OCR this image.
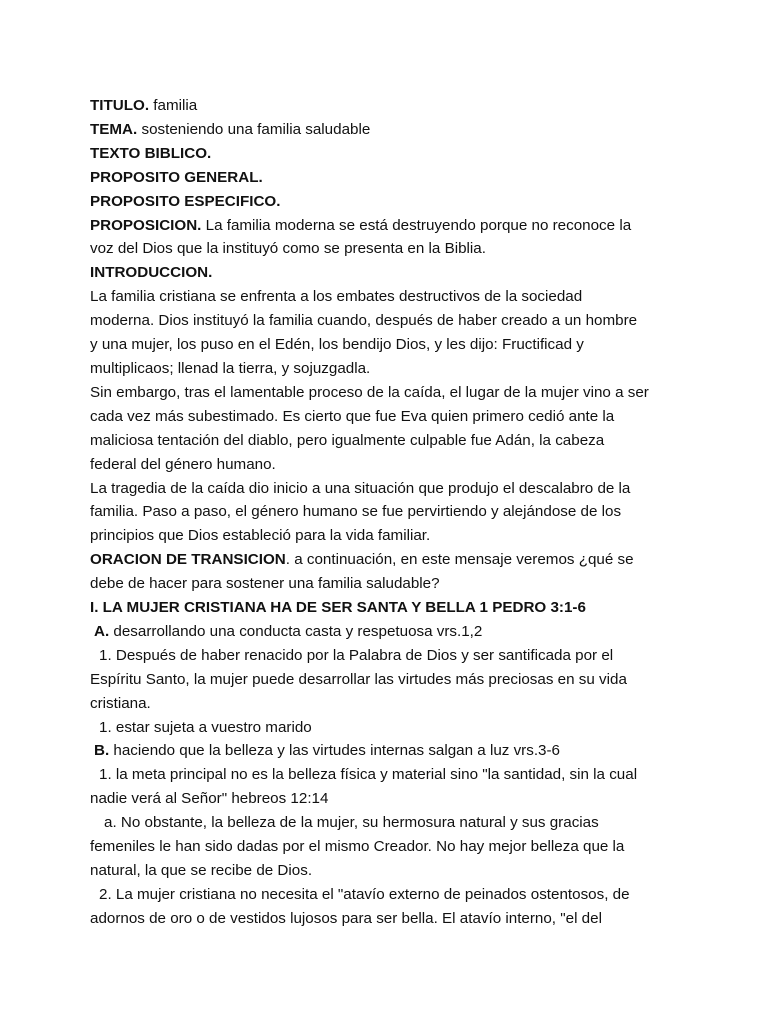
TITULO. familia
TEMA. sosteniendo una familia saludable
TEXTO BIBLICO.
PROPOSITO GENERAL.
PROPOSITO ESPECIFICO.
PROPOSICION. La familia moderna se está destruyendo porque no reconoce la
voz del Dios que la instituyó como se presenta en la Biblia.
INTRODUCCION.
La familia cristiana se enfrenta a los embates destructivos de la sociedad
moderna. Dios instituyó la familia cuando, después de haber creado a un hombre
y una mujer, los puso en el Edén, los bendijo Dios, y les dijo: Fructificad y
multiplicaos; llenad la tierra, y sojuzgadla.
Sin embargo, tras el lamentable proceso de la caída, el lugar de la mujer vino a ser
cada vez más subestimado. Es cierto que fue Eva quien primero cedió ante la
maliciosa tentación del diablo, pero igualmente culpable fue Adán, la cabeza
federal del género humano.
La tragedia de la caída dio inicio a una situación que produjo el descalabro de la
familia. Paso a paso, el género humano se fue pervirtiendo y alejándose de los
principios que Dios estableció para la vida familiar.
ORACION DE TRANSICION. a continuación, en este mensaje veremos ¿qué se
debe de hacer para sostener una familia saludable?
I. LA MUJER CRISTIANA HA DE SER SANTA Y BELLA 1 PEDRO 3:1-6
A. desarrollando una conducta casta y respetuosa vrs.1,2
1. Después de haber renacido por la Palabra de Dios y ser santificada por el
Espíritu Santo, la mujer puede desarrollar las virtudes más preciosas en su vida
cristiana.
1. estar sujeta a vuestro marido
B. haciendo que la belleza y las virtudes internas salgan a luz vrs.3-6
1. la meta principal no es la belleza física y material sino "la santidad, sin la cual
nadie verá al Señor" hebreos 12:14
a. No obstante, la belleza de la mujer, su hermosura natural y sus gracias
femeniles le han sido dadas por el mismo Creador. No hay mejor belleza que la
natural, la que se recibe de Dios.
2. La mujer cristiana no necesita el "atavío externo de peinados ostentosos, de
adornos de oro o de vestidos lujosos para ser bella. El atavío interno, "el del
